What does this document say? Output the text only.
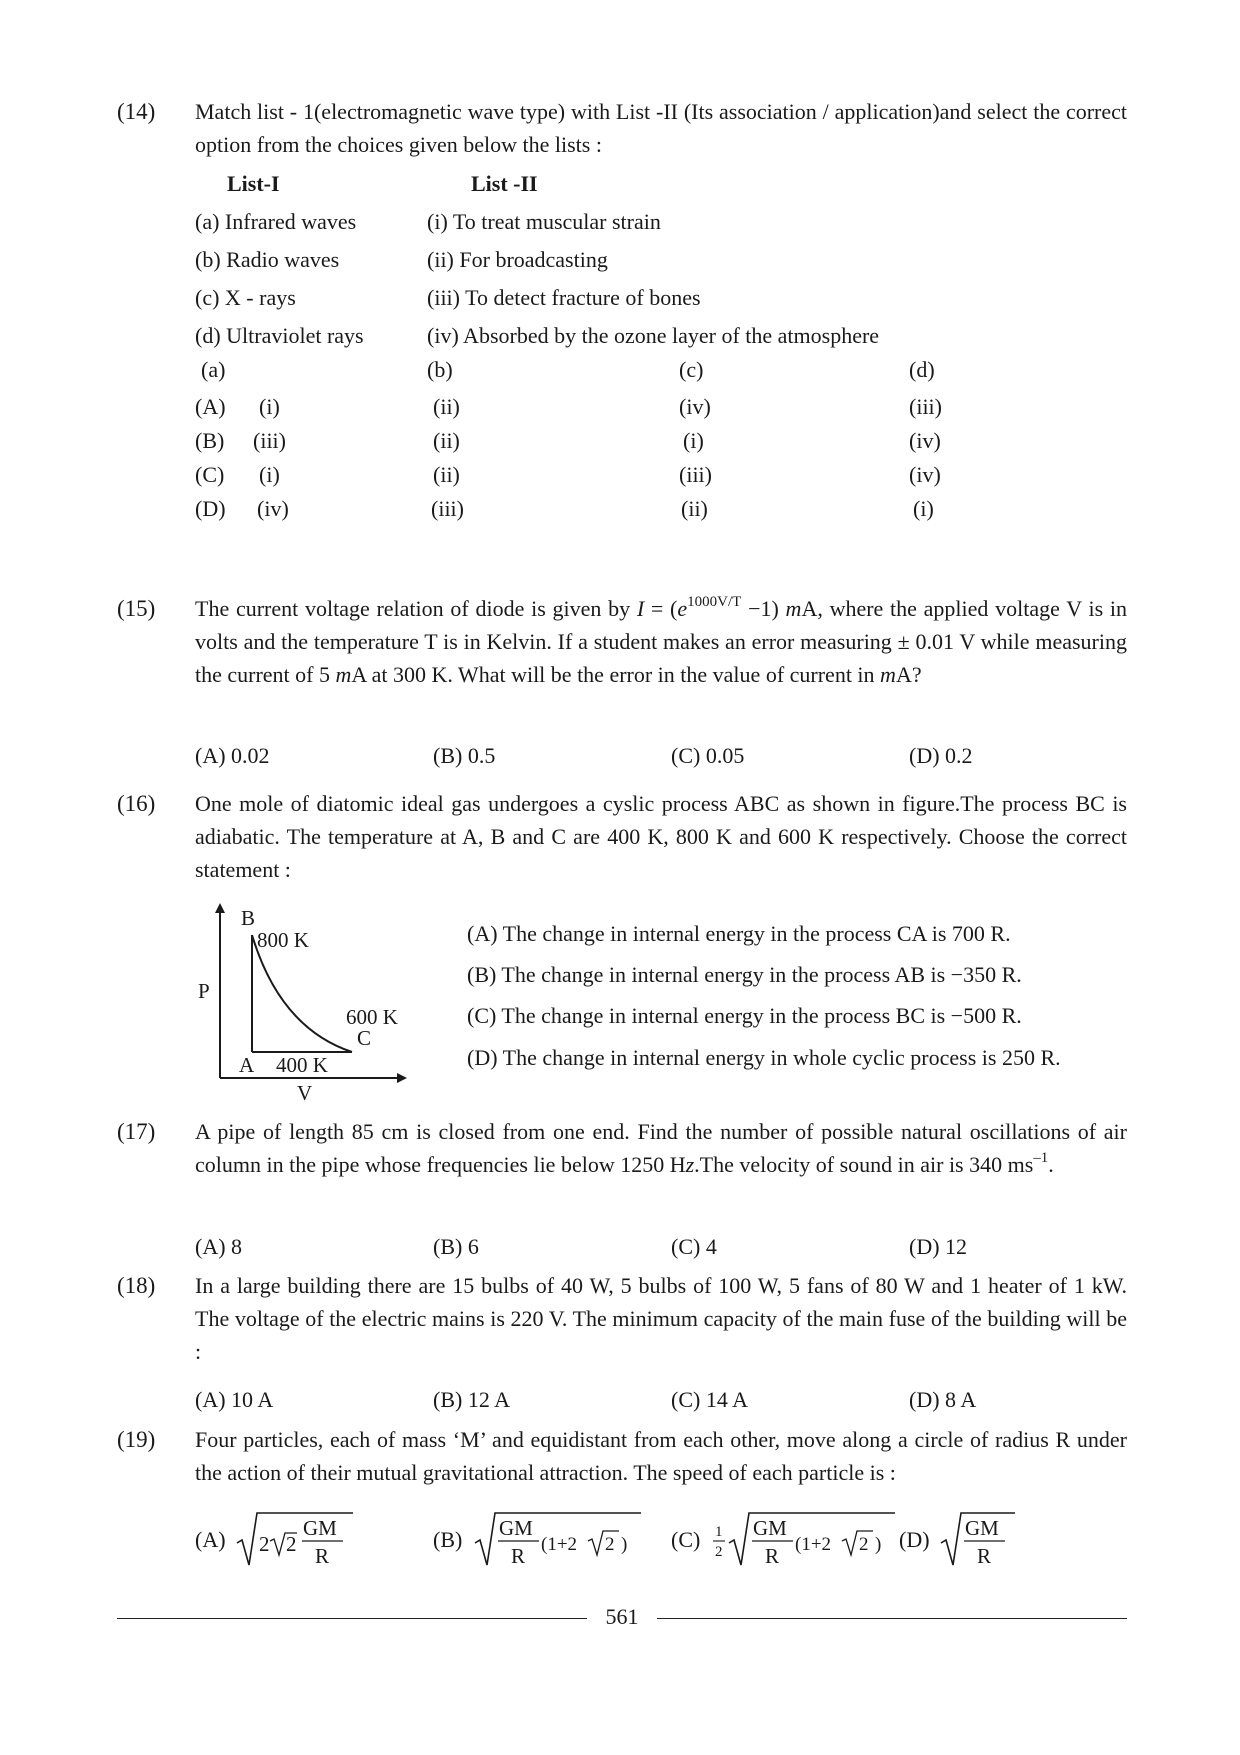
(14)	Match list - 1(electromagnetic wave type) with List -II (Its association / application)and select the correct option from the choices given below the lists :

List-I	List -II
(a) Infrared waves	(i) To treat muscular strain
(b) Radio waves	(ii) For broadcasting
(c) X - rays	(iii) To detect fracture of bones
(d) Ultraviolet rays	(iv) Absorbed by the ozone layer of the atmosphere
(a)	(b)	(c)	(d)
(A) (i)	(ii)	(iv)	(iii)
(B) (iii)	(ii)	(i)	(iv)
(C) (i)	(ii)	(iii)	(iv)
(D) (iv)	(iii)	(ii)	(i)
(15)	The current voltage relation of diode is given by $I = (e^{1000V/T} -1)$ mA, where the applied voltage V is in volts and the temperature T is in Kelvin. If a student makes an error measuring ± 0.01 V while measuring the current of 5 mA at 300 K. What will be the error in the value of current in mA?

(A) 0.02	(B) 0.5	(C) 0.05	(D) 0.2
(16)	One mole of diatomic ideal gas undergoes a cyslic process ABC as shown in figure.The process BC is adiabatic. The temperature at A, B and C are 400 K, 800 K and 600 K respectively. Choose the correct statement :

B
800 K
P
600 K
C
A 400 K
V
(A) The change in internal energy in the process CA is 700 R.
(B) The change in internal energy in the process AB is −350 R.
(C) The change in internal energy in the process BC is −500 R.
(D) The change in internal energy in whole cyclic process is 250 R.
(17)	A pipe of length 85 cm is closed from one end. Find the number of possible natural oscillations of air column in the pipe whose frequencies lie below 1250 Hz.The velocity of sound in air is 340 $ms^{-1}$.

(A) 8	(B) 6	(C) 4	(D) 12
(18)	In a large building there are 15 bulbs of 40 W, 5 bulbs of 100 W, 5 fans of 80 W and 1 heater of 1 kW. The voltage of the electric mains is 220 V. The minimum capacity of the main fuse of the building will be :

(A) 10 A	(B) 12 A	(C) 14 A	(D) 8 A
(19)	Four particles, each of mass ‘M’ and equidistant from each other, move along a circle of radius R under the action of their mutual gravitational attraction. The speed of each particle is :

(A) 2 2
GM
R
(B) GM
R (1+2 2 ) (C) 1
2
GM
R (1+2 2 ) (D) GM
R
561
